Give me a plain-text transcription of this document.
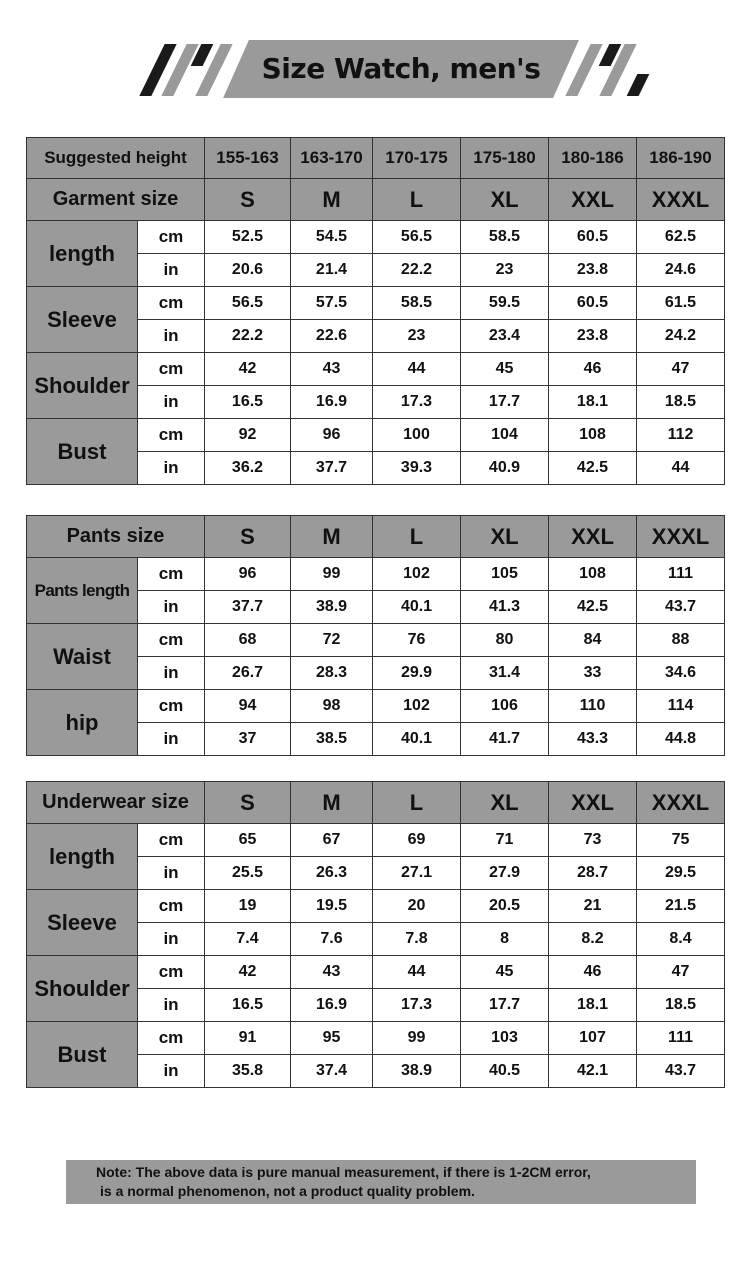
Size Watch, men's
Suggested height		155-163	163-170	170-175	175-180	180-186	186-190
Garment size		S	M	L	XL	XXL	XXXL
length	cm	52.5	54.5	56.5	58.5	60.5	62.5
	in	20.6	21.4	22.2	23	23.8	24.6
Sleeve	cm	56.5	57.5	58.5	59.5	60.5	61.5
	in	22.2	22.6	23	23.4	23.8	24.2
Shoulder	cm	42	43	44	45	46	47
	in	16.5	16.9	17.3	17.7	18.1	18.5
Bust	cm	92	96	100	104	108	112
	in	36.2	37.7	39.3	40.9	42.5	44
Pants size		S	M	L	XL	XXL	XXXL
Pants length	cm	96	99	102	105	108	111
	in	37.7	38.9	40.1	41.3	42.5	43.7
Waist	cm	68	72	76	80	84	88
	in	26.7	28.3	29.9	31.4	33	34.6
hip	cm	94	98	102	106	110	114
	in	37	38.5	40.1	41.7	43.3	44.8
Underwear size		S	M	L	XL	XXL	XXXL
length	cm	65	67	69	71	73	75
	in	25.5	26.3	27.1	27.9	28.7	29.5
Sleeve	cm	19	19.5	20	20.5	21	21.5
	in	7.4	7.6	7.8	8	8.2	8.4
Shoulder	cm	42	43	44	45	46	47
	in	16.5	16.9	17.3	17.7	18.1	18.5
Bust	cm	91	95	99	103	107	111
	in	35.8	37.4	38.9	40.5	42.1	43.7
Note: The above data is pure manual measurement, if there is 1-2CM error,
is a normal phenomenon, not a product quality problem.
